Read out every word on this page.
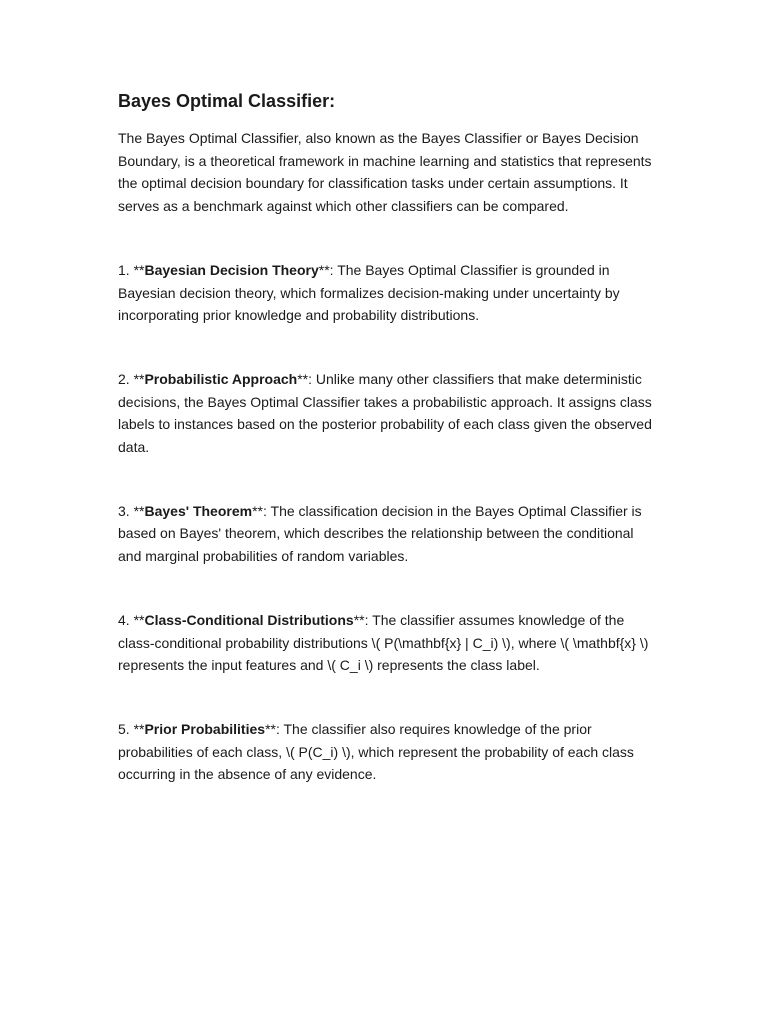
Bayes Optimal Classifier:

The Bayes Optimal Classifier, also known as the Bayes Classifier or Bayes Decision Boundary, is a theoretical framework in machine learning and statistics that represents the optimal decision boundary for classification tasks under certain assumptions. It serves as a benchmark against which other classifiers can be compared.

1. **Bayesian Decision Theory**: The Bayes Optimal Classifier is grounded in Bayesian decision theory, which formalizes decision-making under uncertainty by incorporating prior knowledge and probability distributions.

2. **Probabilistic Approach**: Unlike many other classifiers that make deterministic decisions, the Bayes Optimal Classifier takes a probabilistic approach. It assigns class labels to instances based on the posterior probability of each class given the observed data.

3. **Bayes' Theorem**: The classification decision in the Bayes Optimal Classifier is based on Bayes' theorem, which describes the relationship between the conditional and marginal probabilities of random variables.

4. **Class-Conditional Distributions**: The classifier assumes knowledge of the class-conditional probability distributions \( P(\mathbf{x} | C_i) \), where \( \mathbf{x} \) represents the input features and \( C_i \) represents the class label.

5. **Prior Probabilities**: The classifier also requires knowledge of the prior probabilities of each class, \( P(C_i) \), which represent the probability of each class occurring in the absence of any evidence.
